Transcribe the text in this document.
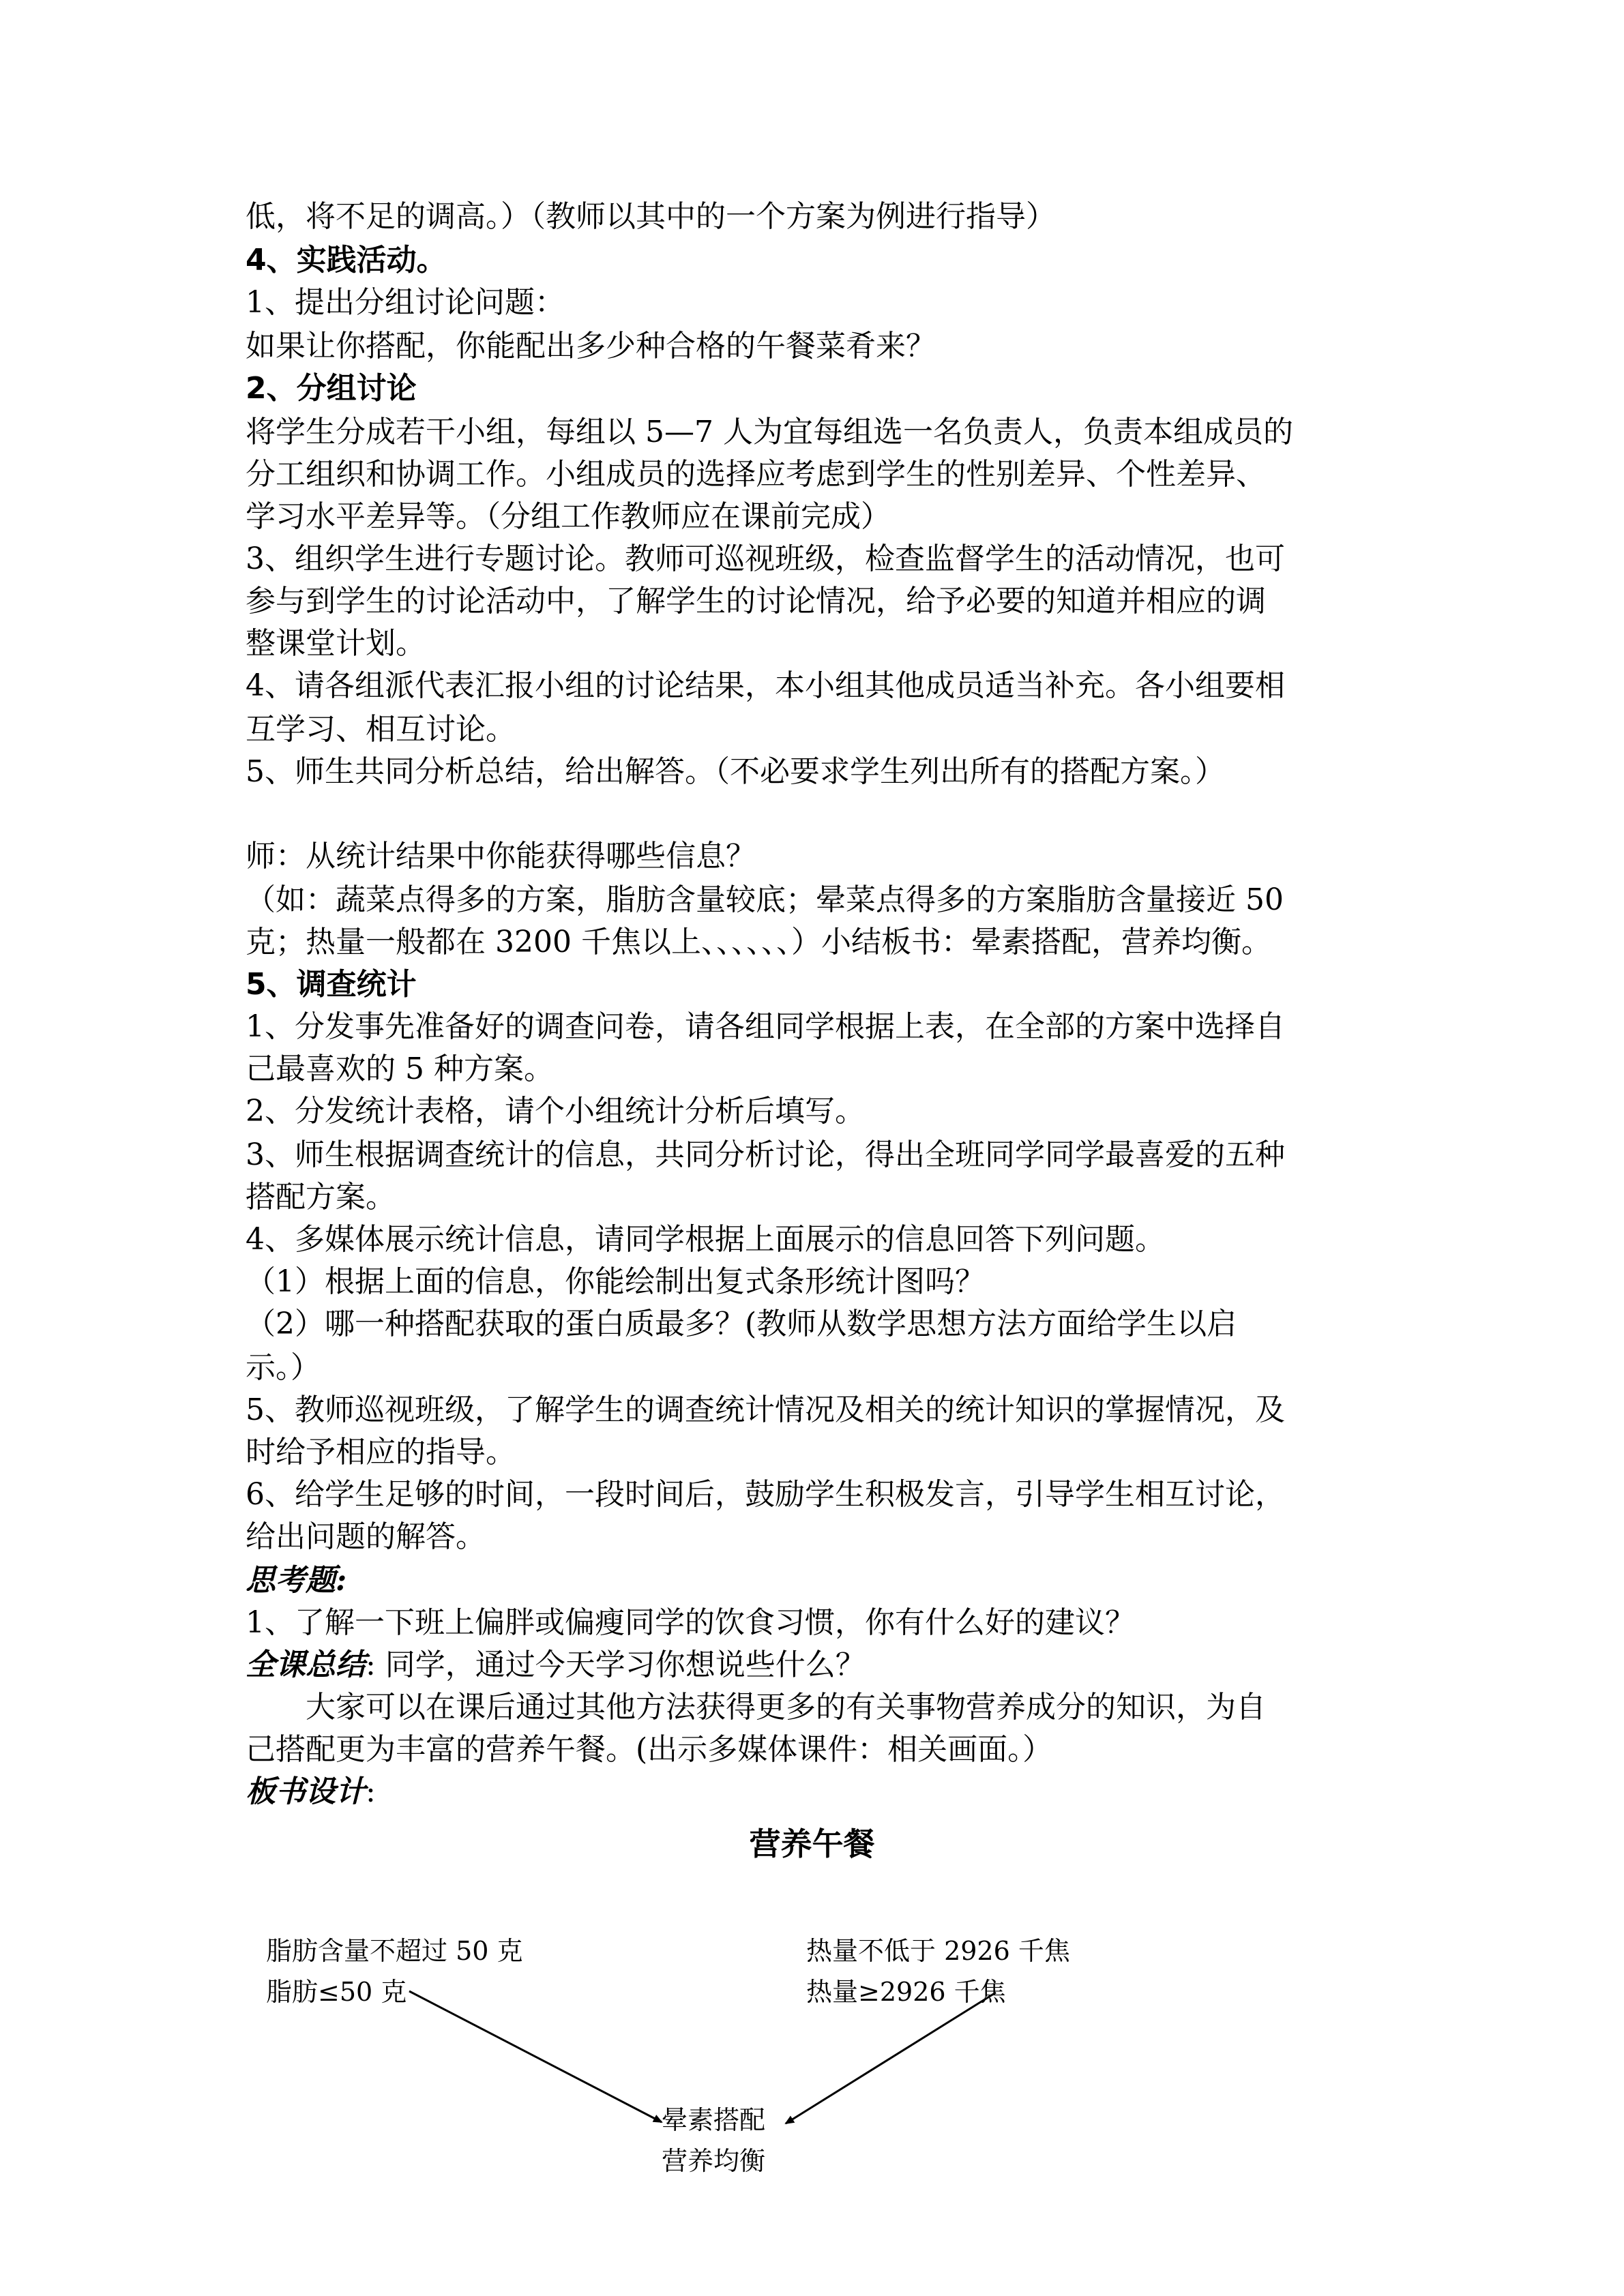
低，将不足的调高。）（教师以其中的一个方案为例进行指导）
4、实践活动。
1、提出分组讨论问题：
如果让你搭配，你能配出多少种合格的午餐菜肴来？
2、分组讨论
将学生分成若干小组，每组以 5—7 人为宜每组选一名负责人，负责本组成员的
分工组织和协调工作。小组成员的选择应考虑到学生的性别差异、个性差异、
学习水平差异等。（分组工作教师应在课前完成）
3、组织学生进行专题讨论。教师可巡视班级，检查监督学生的活动情况，也可
参与到学生的讨论活动中，了解学生的讨论情况，给予必要的知道并相应的调
整课堂计划。
4、请各组派代表汇报小组的讨论结果，本小组其他成员适当补充。各小组要相
互学习、相互讨论。
5、师生共同分析总结，给出解答。（不必要求学生列出所有的搭配方案。）
师：从统计结果中你能获得哪些信息？
（如：蔬菜点得多的方案，脂肪含量较底；晕菜点得多的方案脂肪含量接近 50
克；热量一般都在 3200 千焦以上、、、、、、）小结板书：晕素搭配，营养均衡。
5、调查统计
1、分发事先准备好的调查问卷，请各组同学根据上表，在全部的方案中选择自
己最喜欢的 5 种方案。
2、分发统计表格，请个小组统计分析后填写。
3、师生根据调查统计的信息，共同分析讨论，得出全班同学同学最喜爱的五种
搭配方案。
4、多媒体展示统计信息，请同学根据上面展示的信息回答下列问题。
（1）根据上面的信息，你能绘制出复式条形统计图吗？
（2）哪一种搭配获取的蛋白质最多？(教师从数学思想方法方面给学生以启
示。）
5、教师巡视班级，了解学生的调查统计情况及相关的统计知识的掌握情况，及
时给予相应的指导。
6、给学生足够的时间，一段时间后，鼓励学生积极发言，引导学生相互讨论，
给出问题的解答。
思考题:
1、了解一下班上偏胖或偏瘦同学的饮食习惯，你有什么好的建议？
全课总结: 同学，通过今天学习你想说些什么？
大家可以在课后通过其他方法获得更多的有关事物营养成分的知识，为自
己搭配更为丰富的营养午餐。(出示多媒体课件：相关画面。）
板书设计:
营养午餐
脂肪含量不超过 50 克
脂肪≤50 克
热量不低于 2926 千焦
热量≥2926 千焦
晕素搭配
营养均衡
